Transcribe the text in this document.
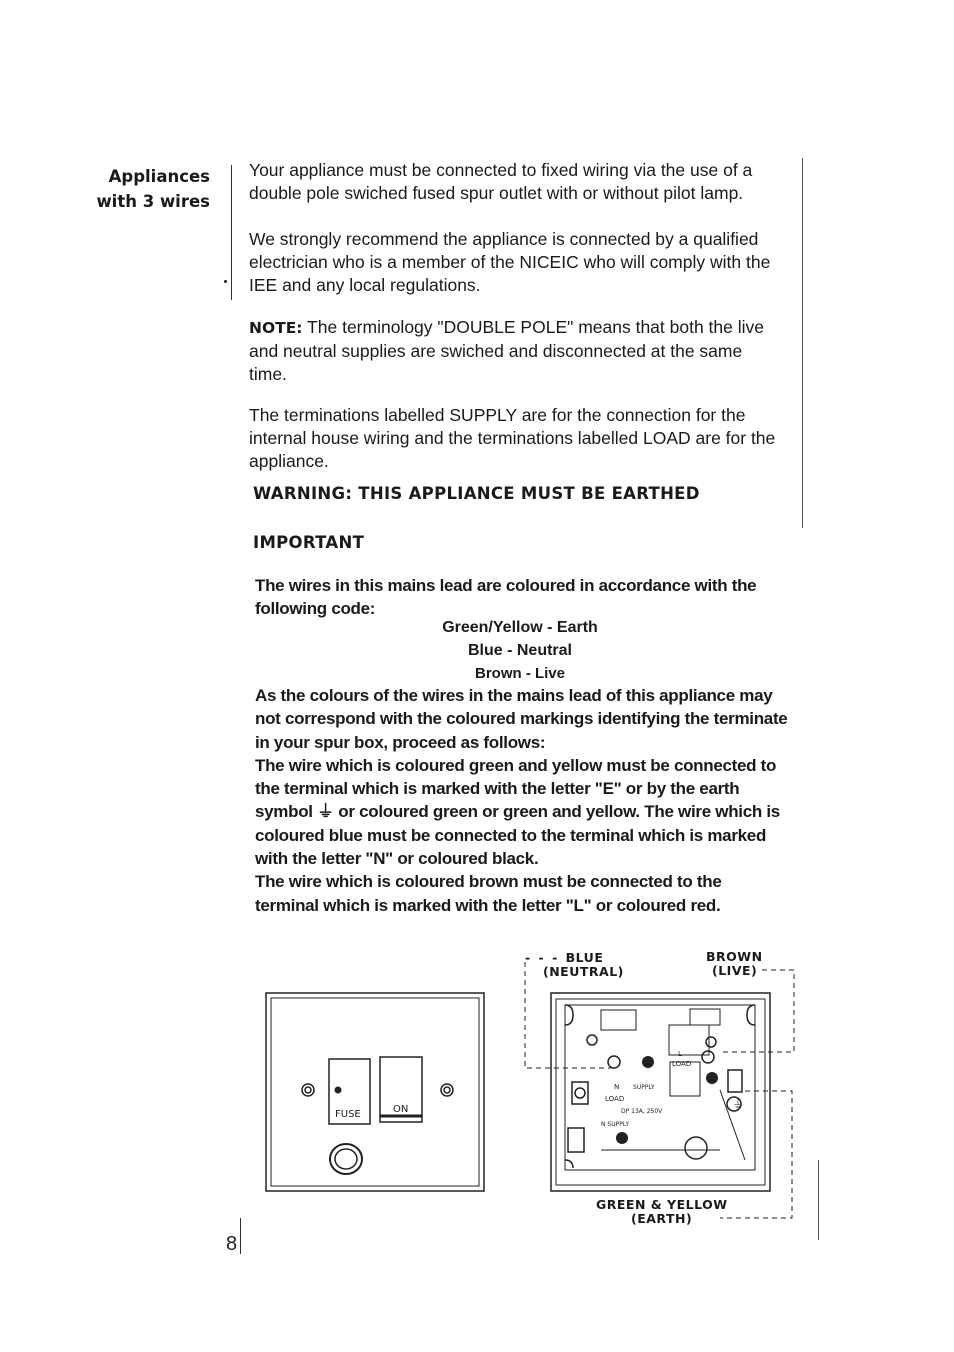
Appliances
with 3 wires

Your appliance must be connected to fixed wiring via the use of a double pole swiched fused spur outlet with or without pilot lamp.

We strongly recommend the appliance is connected by a qualified electrician who is a member of the NICEIC who will comply with the IEE and any local regulations.

NOTE: The terminology "DOUBLE POLE" means that both the live and neutral supplies are swiched and disconnected at the same time.

The terminations labelled SUPPLY are for the connection for the internal house wiring and the terminations labelled LOAD are for the appliance.

WARNING: THIS APPLIANCE MUST BE EARTHED
IMPORTANT

The wires in this mains lead are coloured in accordance with the following code:

Green/Yellow - Earth
Blue - Neutral
Brown - Live

As the colours of the wires in the mains lead of this appliance may not correspond with the coloured markings identifying the terminate in your spur box, proceed as follows:
The wire which is coloured green and yellow must be connected to the terminal which is marked with the letter "E" or by the earth symbol ⏚ or coloured green or green and yellow. The wire which is coloured blue must be connected to the terminal which is marked with the letter "N" or coloured black.
The wire which is coloured brown must be connected to the terminal which is marked with the letter "L" or coloured red.

- - - BLUE
(NEUTRAL)
BROWN
(LIVE)
GREEN & YELLOW
(EARTH)
FUSE	ON	⏚
LOAD
L
N SUPPLY
LOAD
DP 13A, 250V
N SUPPLY
8
